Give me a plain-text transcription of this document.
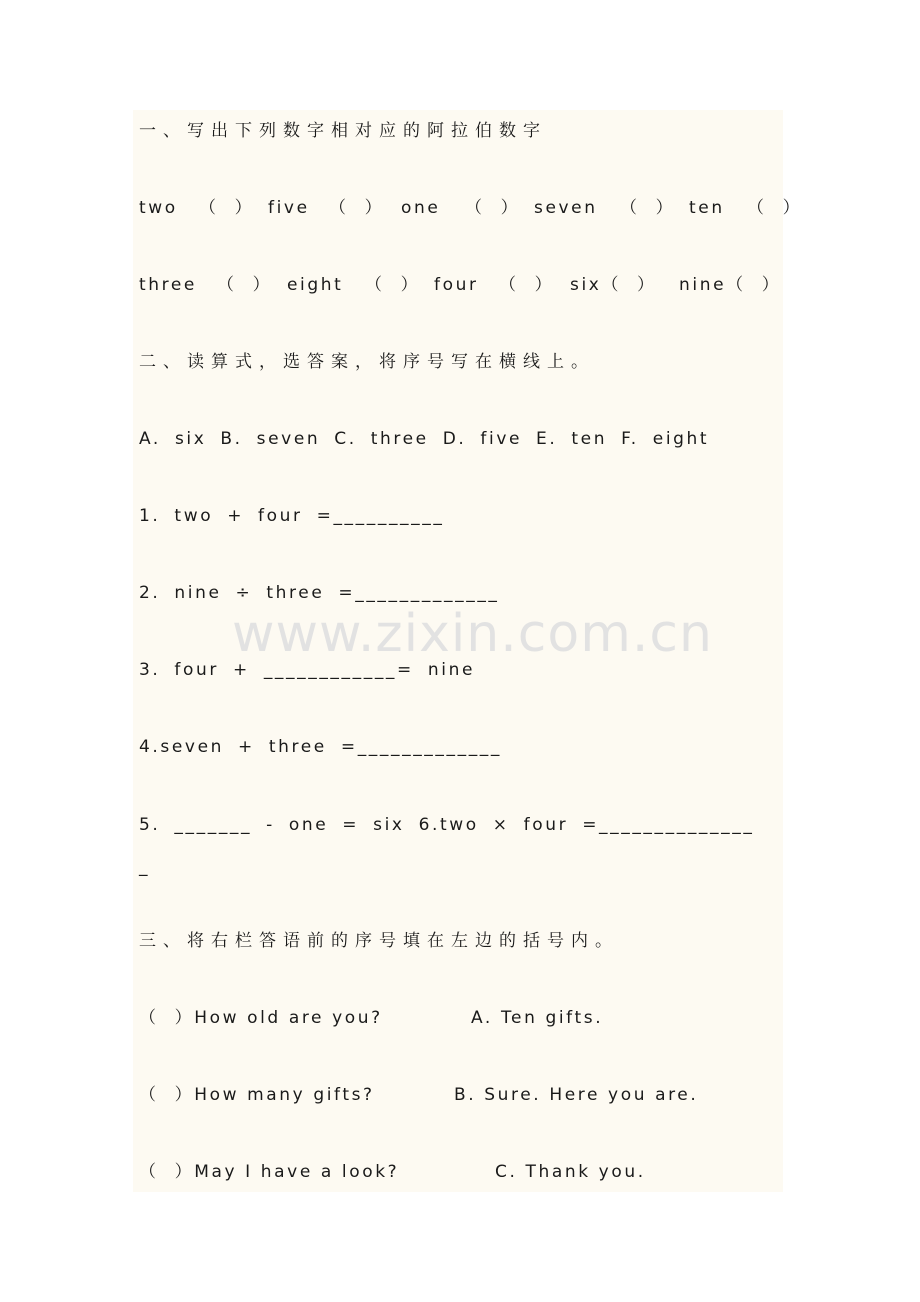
一、写出下列数字相对应的阿拉伯数字

two

（  ）

five

（  ）

one

（  ）

seven

（  ）

ten

（  ）

three

（  ）

eight

（  ）

four

（  ）

six（  ）

nine（  ）

二、读算式，选答案，将序号写在横线上。
A. six B. seven C. three D. five E. ten F. eight
1. two + four =__________
2. nine ÷ three =_____________
3. four + ____________= nine
4.seven + three =_____________
5. _______ - one = six 6.two × four =______________
_
三、将右栏答语前的序号填在左边的括号内。

（  ）How old are you?

	A. Ten gifts.

（  ）How many gifts?

	B. Sure. Here you are.

（  ）May I have a look?

	C. Thank you.

www.zixin.com.cn
